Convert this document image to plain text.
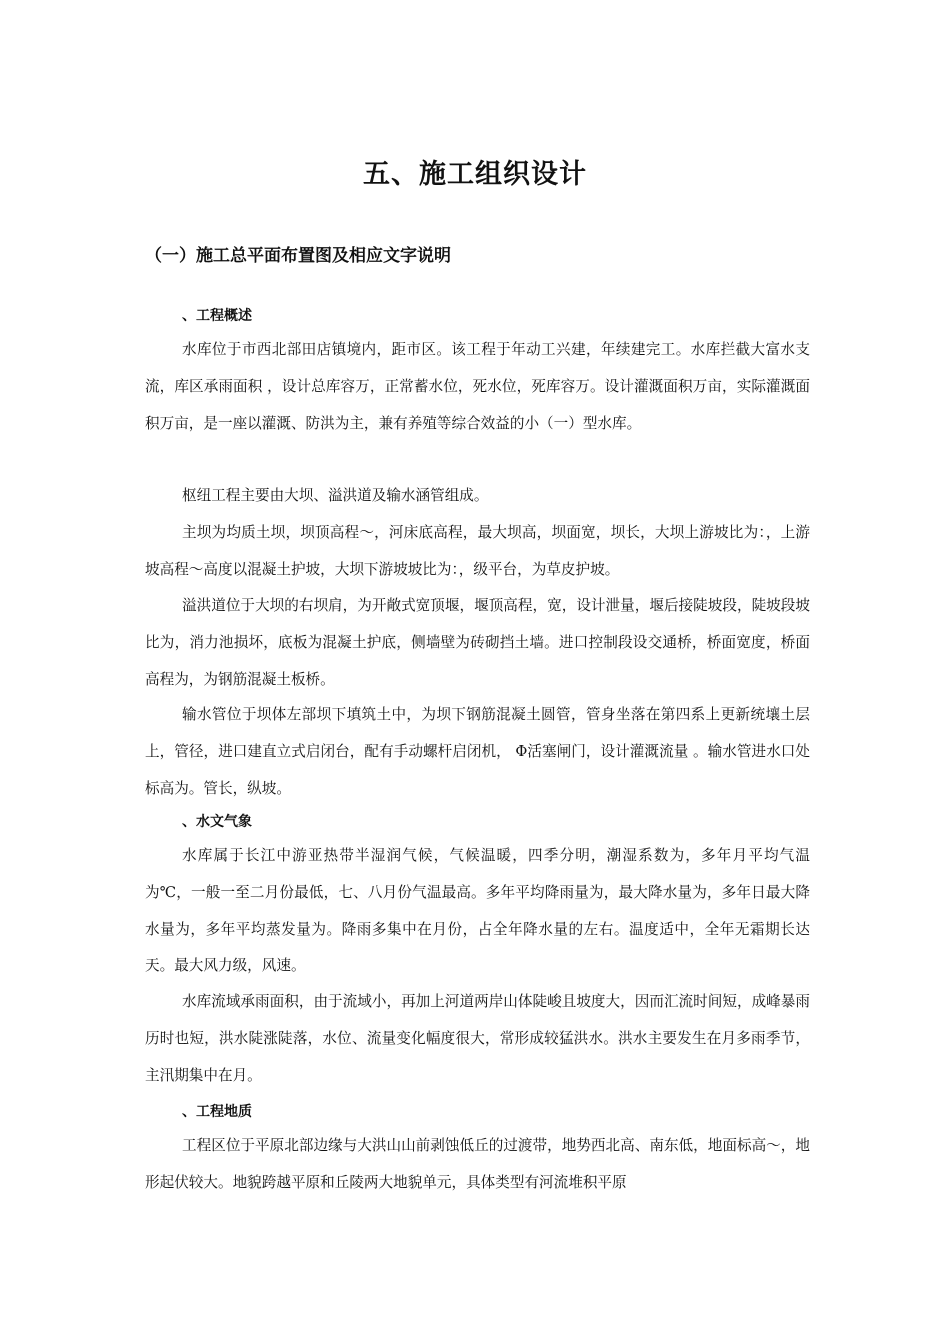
五、施工组织设计
（一）施工总平面布置图及相应文字说明
、工程概述

水库位于市西北部田店镇境内，距市区。该工程于年动工兴建，年续建完工。水库拦截大富水支流，库区承雨面积 ，设计总库容万，正常蓄水位，死水位，死库容万。设计灌溉面积万亩，实际灌溉面积万亩，是一座以灌溉、防洪为主，兼有养殖等综合效益的小（一）型水库。

枢纽工程主要由大坝、溢洪道及输水涵管组成。

主坝为均质土坝，坝顶高程～，河床底高程，最大坝高，坝面宽，坝长，大坝上游坡比为：，上游坡高程～高度以混凝土护坡，大坝下游坡坡比为：，级平台，为草皮护坡。

溢洪道位于大坝的右坝肩，为开敞式宽顶堰，堰顶高程，宽，设计泄量，堰后接陡坡段，陡坡段坡比为，消力池损坏，底板为混凝土护底，侧墙壁为砖砌挡土墙。进口控制段设交通桥，桥面宽度，桥面高程为，为钢筋混凝土板桥。

输水管位于坝体左部坝下填筑土中，为坝下钢筋混凝土圆管，管身坐落在第四系上更新统壤土层上，管径，进口建直立式启闭台，配有手动螺杆启闭机， Φ活塞闸门，设计灌溉流量 。输水管进水口处标高为。管长，纵坡。

、水文气象

水库属于长江中游亚热带半湿润气候，气候温暖，四季分明，潮湿系数为，多年月平均气温为℃，一般一至二月份最低，七、八月份气温最高。多年平均降雨量为，最大降水量为，多年日最大降水量为，多年平均蒸发量为。降雨多集中在月份，占全年降水量的左右。温度适中，全年无霜期长达天。最大风力级，风速。

水库流域承雨面积，由于流域小，再加上河道两岸山体陡峻且坡度大，因而汇流时间短，成峰暴雨历时也短，洪水陡涨陡落，水位、流量变化幅度很大，常形成较猛洪水。洪水主要发生在月多雨季节，主汛期集中在月。

、工程地质

工程区位于平原北部边缘与大洪山山前剥蚀低丘的过渡带，地势西北高、南东低，地面标高～，地形起伏较大。地貌跨越平原和丘陵两大地貌单元，具体类型有河流堆积平原
